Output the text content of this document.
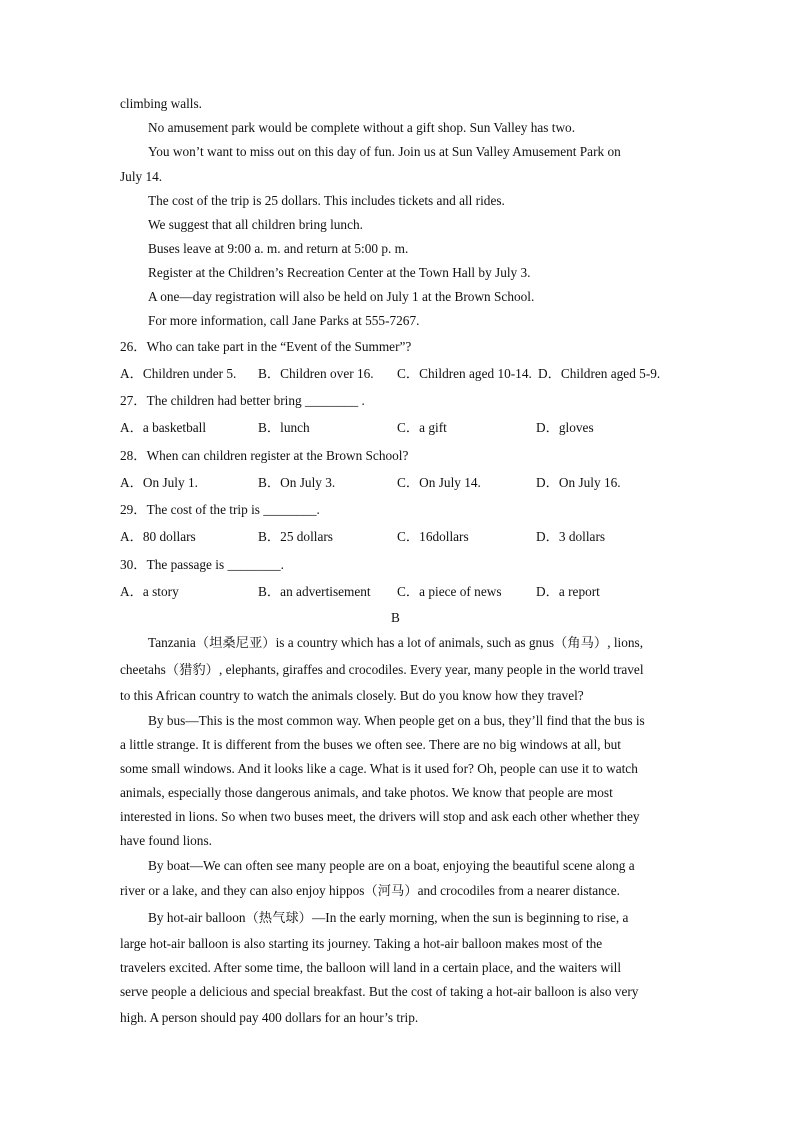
climbing walls.
No amusement park would be complete without a gift shop. Sun Valley has two.
You won’t want to miss out on this day of fun. Join us at Sun Valley Amusement Park on
July 14.
The cost of the trip is 25 dollars. This includes tickets and all rides.
We suggest that all children bring lunch.
Buses leave at 9:00 a. m. and return at 5:00 p. m.
Register at the Children’s Recreation Center at the Town Hall by July 3.
A one—day registration will also be held on July 1 at the Brown School.
For more information, call Jane Parks at 555-7267.
26．Who can take part in the “Event of the Summer”?
A．Children under 5. B．Children over 16. C．Children aged 10-14. D．Children aged 5-9.
27．The children had better bring ________ .
A．a basketball	B．lunch	C．a gift	D．gloves
28．When can children register at the Brown School?
A．On July 1.	B．On July 3.	C．On July 14.	D．On July 16.
29．The cost of the trip is ________.
A．80 dollars	B．25 dollars	C．16dollars	D．3 dollars
30．The passage is ________.
A．a story	B．an advertisement C．a piece of news	D．a report
B
Tanzania（坦桑尼亚）is a country which has a lot of animals, such as gnus（角马）, lions,
cheetahs（猎豹）, elephants, giraffes and crocodiles. Every year, many people in the world travel
to this African country to watch the animals closely. But do you know how they travel?
By bus—This is the most common way. When people get on a bus, they’ll find that the bus is
a little strange. It is different from the buses we often see. There are no big windows at all, but
some small windows. And it looks like a cage. What is it used for? Oh, people can use it to watch
animals, especially those dangerous animals, and take photos. We know that people are most
interested in lions. So when two buses meet, the drivers will stop and ask each other whether they
have found lions.
By boat—We can often see many people are on a boat, enjoying the beautiful scene along a
river or a lake, and they can also enjoy hippos（河马）and crocodiles from a nearer distance.
By hot-air balloon（热气球）—In the early morning, when the sun is beginning to rise, a
large hot-air balloon is also starting its journey. Taking a hot-air balloon makes most of the
travelers excited. After some time, the balloon will land in a certain place, and the waiters will
serve people a delicious and special breakfast. But the cost of taking a hot-air balloon is also very
high. A person should pay 400 dollars for an hour’s trip.
